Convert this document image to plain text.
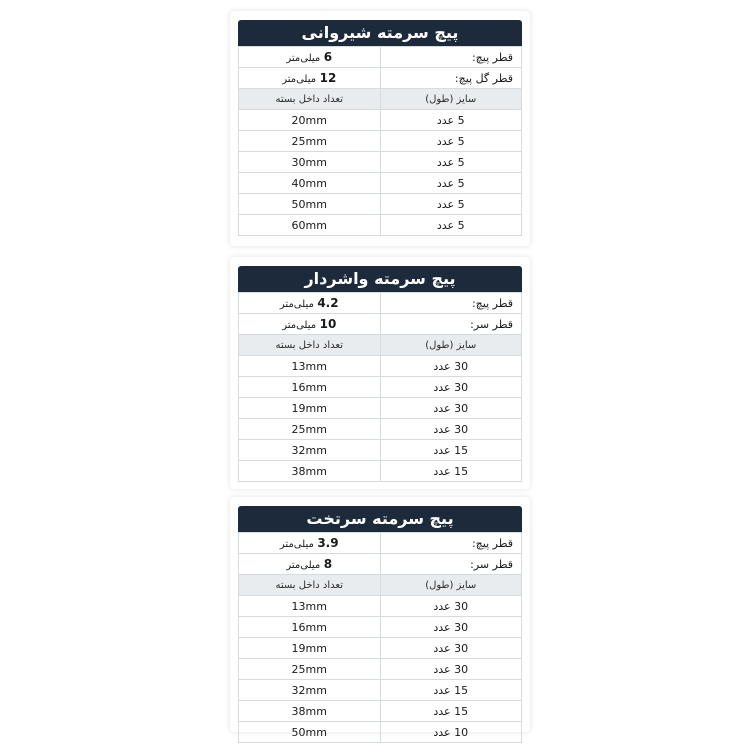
پیچ سرمته شیروانی
قطر پیچ:	6 میلی‌متر
قطر گل پیچ:	12 میلی‌متر
سایز (طول)	تعداد داخل بسته
5 عدد	20mm
5 عدد	25mm
5 عدد	30mm
5 عدد	40mm
5 عدد	50mm
5 عدد	60mm
پیچ سرمته واشردار
قطر پیچ:	4.2 میلی‌متر
قطر سر:	10 میلی‌متر
سایز (طول)	تعداد داخل بسته
30 عدد	13mm
30 عدد	16mm
30 عدد	19mm
30 عدد	25mm
15 عدد	32mm
15 عدد	38mm
پیچ سرمته سرتخت
قطر پیچ:	3.9 میلی‌متر
قطر سر:	8 میلی‌متر
سایز (طول)	تعداد داخل بسته
30 عدد	13mm
30 عدد	16mm
30 عدد	19mm
30 عدد	25mm
15 عدد	32mm
15 عدد	38mm
10 عدد	50mm
